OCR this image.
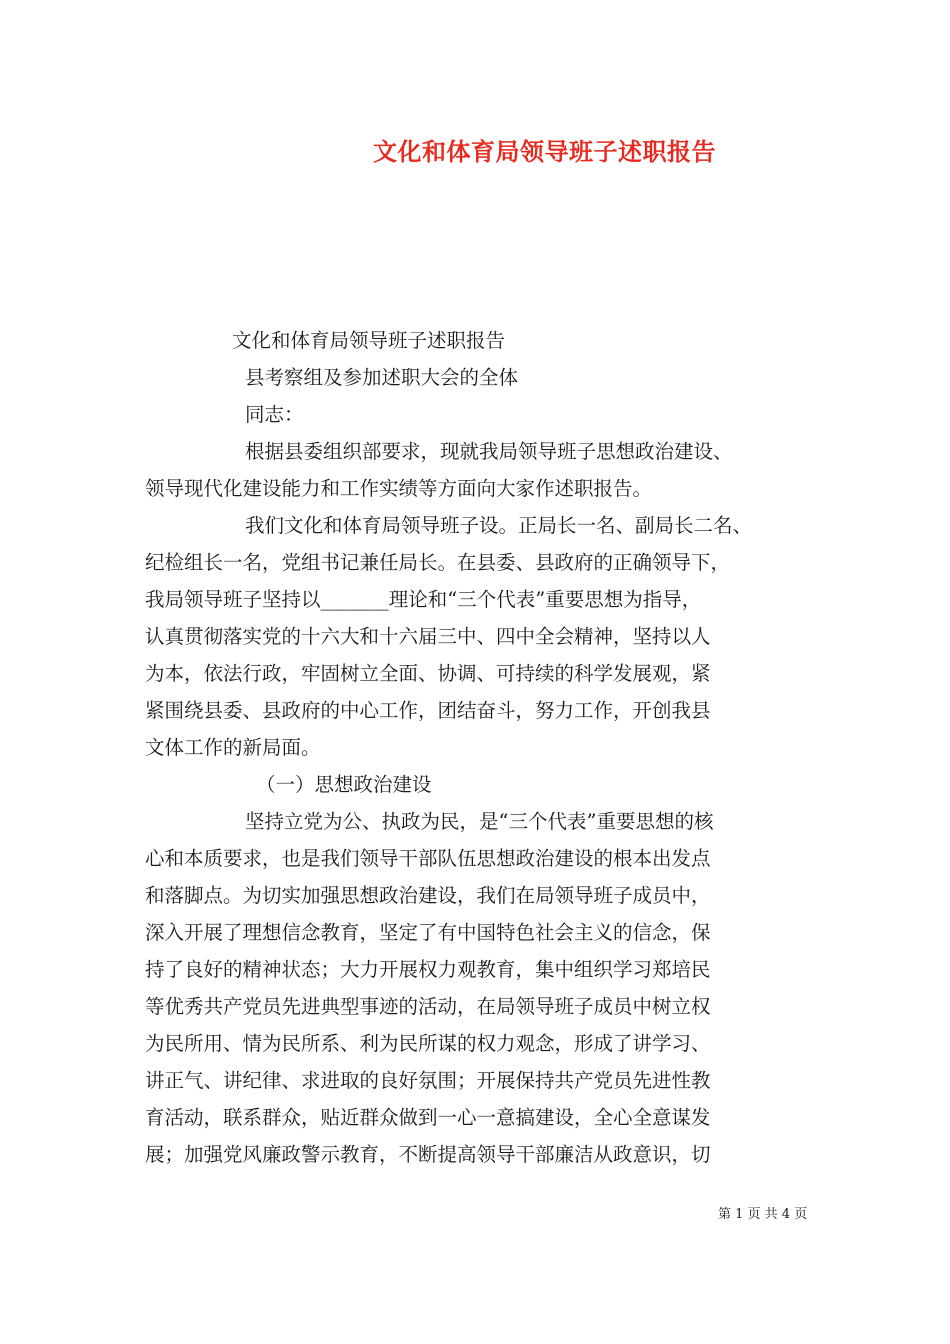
文化和体育局领导班子述职报告
文化和体育局领导班子述职报告
县考察组及参加述职大会的全体
同志：
根据县委组织部要求，现就我局领导班子思想政治建设、
领导现代化建设能力和工作实绩等方面向大家作述职报告。
我们文化和体育局领导班子设。正局长一名、副局长二名、
纪检组长一名，党组书记兼任局长。在县委、县政府的正确领导下，
我局领导班子坚持以_______理论和“三个代表”重要思想为指导，
认真贯彻落实党的十六大和十六届三中、四中全会精神，坚持以人
为本，依法行政，牢固树立全面、协调、可持续的科学发展观，紧
紧围绕县委、县政府的中心工作，团结奋斗，努力工作，开创我县
文体工作的新局面。
（一）思想政治建设
坚持立党为公、执政为民，是“三个代表”重要思想的核
心和本质要求，也是我们领导干部队伍思想政治建设的根本出发点
和落脚点。为切实加强思想政治建设，我们在局领导班子成员中，
深入开展了理想信念教育，坚定了有中国特色社会主义的信念，保
持了良好的精神状态；大力开展权力观教育，集中组织学习郑培民
等优秀共产党员先进典型事迹的活动，在局领导班子成员中树立权
为民所用、情为民所系、利为民所谋的权力观念，形成了讲学习、
讲正气、讲纪律、求进取的良好氛围；开展保持共产党员先进性教
育活动，联系群众，贴近群众做到一心一意搞建设，全心全意谋发
展；加强党风廉政警示教育，不断提高领导干部廉洁从政意识，切
第 1 页 共 4 页
